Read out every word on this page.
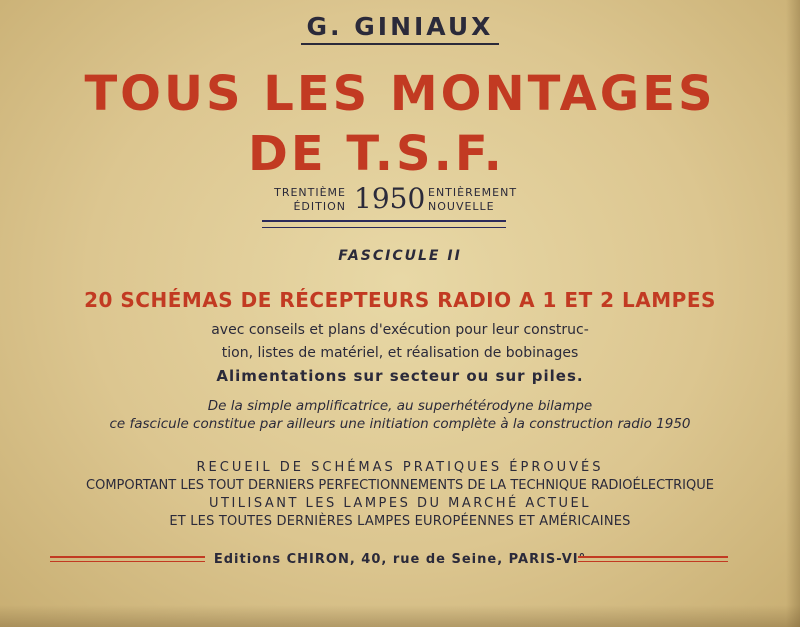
G. GINIAUX
TOUS LES MONTAGES
DE T.S.F.
TRENTIÈME
ÉDITION 1950 ENTIÈREMENT
NOUVELLE
FASCICULE II
20 SCHÉMAS DE RÉCEPTEURS RADIO A 1 ET 2 LAMPES
avec conseils et plans d'exécution pour leur construc-
tion, listes de matériel, et réalisation de bobinages
Alimentations sur secteur ou sur piles.
De la simple amplificatrice, au superhétérodyne bilampe
ce fascicule constitue par ailleurs une initiation complète à la construction radio 1950
RECUEIL DE SCHÉMAS PRATIQUES ÉPROUVÉS
COMPORTANT LES TOUT DERNIERS PERFECTIONNEMENTS DE LA TECHNIQUE RADIOÉLECTRIQUE
UTILISANT LES LAMPES DU MARCHÉ ACTUEL
ET LES TOUTES DERNIÈRES LAMPES EUROPÉENNES ET AMÉRICAINES
Editions CHIRON, 40, rue de Seine, PARIS-VI°
